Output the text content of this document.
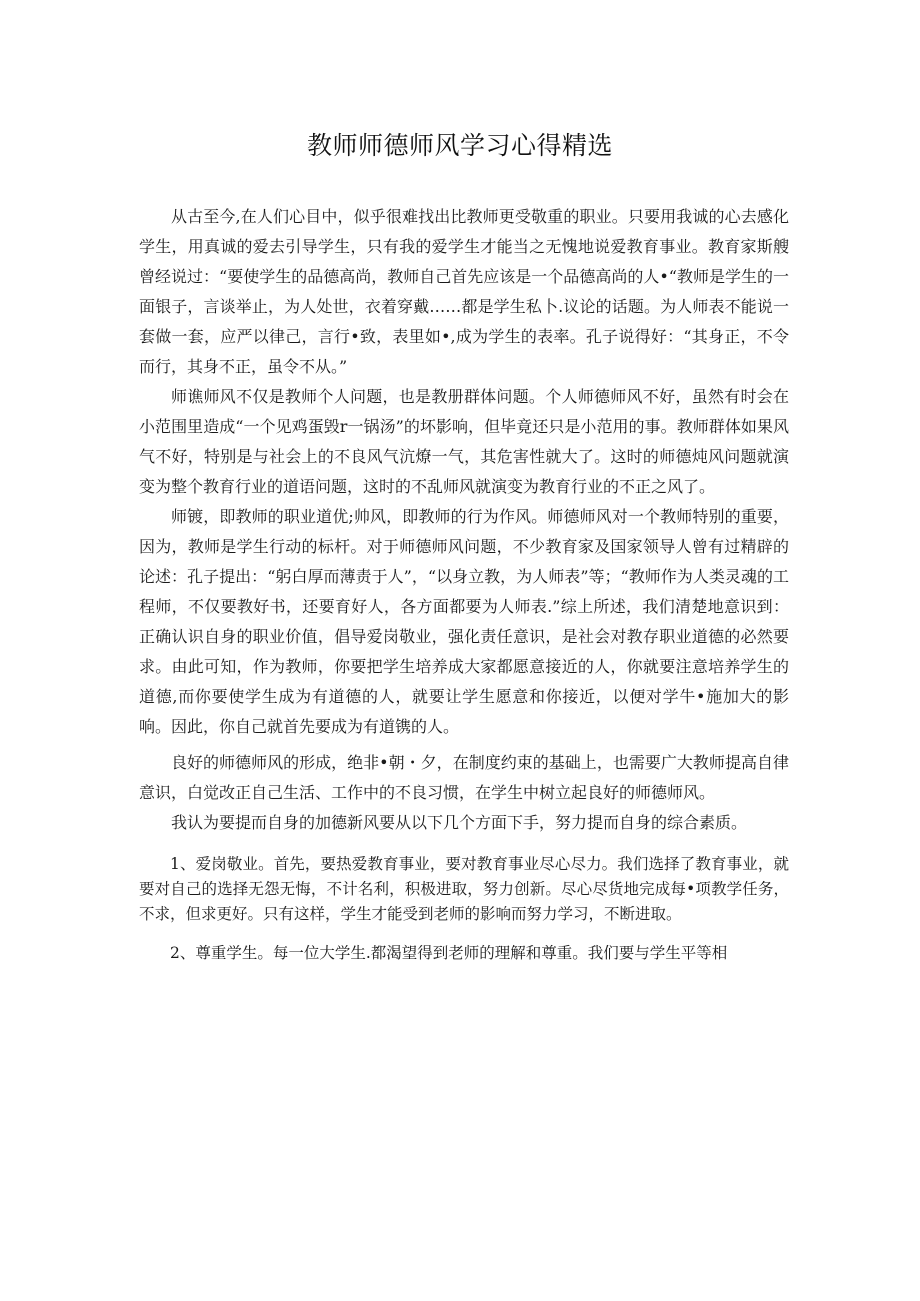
教师师德师风学习心得精选

从古至今,在人们心目中，似乎很难找出比教师更受敬重的职业。只要用我诚的心去感化学生，用真诚的爱去引导学生，只有我的爱学生才能当之无愧地说爱教育事业。教育家斯艘曾经说过：“要使学生的品德高尚，教师自己首先应该是一个品德高尚的人•“教师是学生的一面银子，言谈举止，为人处世，衣着穿戴……都是学生私卜.议论的话题。为人师表不能说一套做一套，应严以律己，言行•致，表里如•,成为学生的表率。孔子说得好：“其身正，不令而行，其身不正，虽令不从。”

师谯师风不仅是教师个人问题，也是教册群体问题。个人师德师风不好，虽然有时会在小范围里造成“一个见鸡蛋毁r一锅汤”的坏影响，但毕竟还只是小范用的事。教师群体如果风气不好，特别是与社会上的不良风气沆燎一气，其危害性就大了。这时的师德炖风问题就演变为整个教育行业的道语问题，这时的不乱师风就演变为教育行业的不正之风了。

师镀，即教师的职业道优;帅风，即教师的行为作风。师德师风对一个教师特别的重要，因为，教师是学生行动的标杆。对于师德师风问题，不少教育家及国家领导人曾有过精辟的论述：孔子提出：“躬白厚而薄责于人”，“以身立教，为人师表”等；“教师作为人类灵魂的工程师，不仅要教好书，还要育好人，各方面都要为人师表.”综上所述，我们清楚地意识到：正确认识自身的职业价值，倡导爱岗敬业，强化责任意识，是社会对教存职业道德的必然要求。由此可知，作为教师，你要把学生培养成大家都愿意接近的人，你就要注意培养学生的道德,而你要使学生成为有道德的人，就要让学生愿意和你接近，以便对学牛•施加大的影响。因此，你自己就首先要成为有道镌的人。

良好的师德师风的形成，绝非•朝・夕，在制度约束的基础上，也需要广大教师提高自律意识，白觉改正自己生活、工作中的不良习惯，在学生中树立起良好的师德师风。

我认为要提而自身的加德新风要从以下几个方面下手，努力提而自身的综合素质。

1、爱岗敬业。首先，要热爱教育事业，要对教育事业尽心尽力。我们选择了教育事业，就要对自己的选择无怨无悔，不计名利，积极进取，努力创新。尽心尽货地完成每•项教学任务，不求，但求更好。只有这样，学生才能受到老师的影响而努力学习，不断进取。

2、尊重学生。每一位大学生.都渴望得到老师的理解和尊重。我们要与学生平等相
